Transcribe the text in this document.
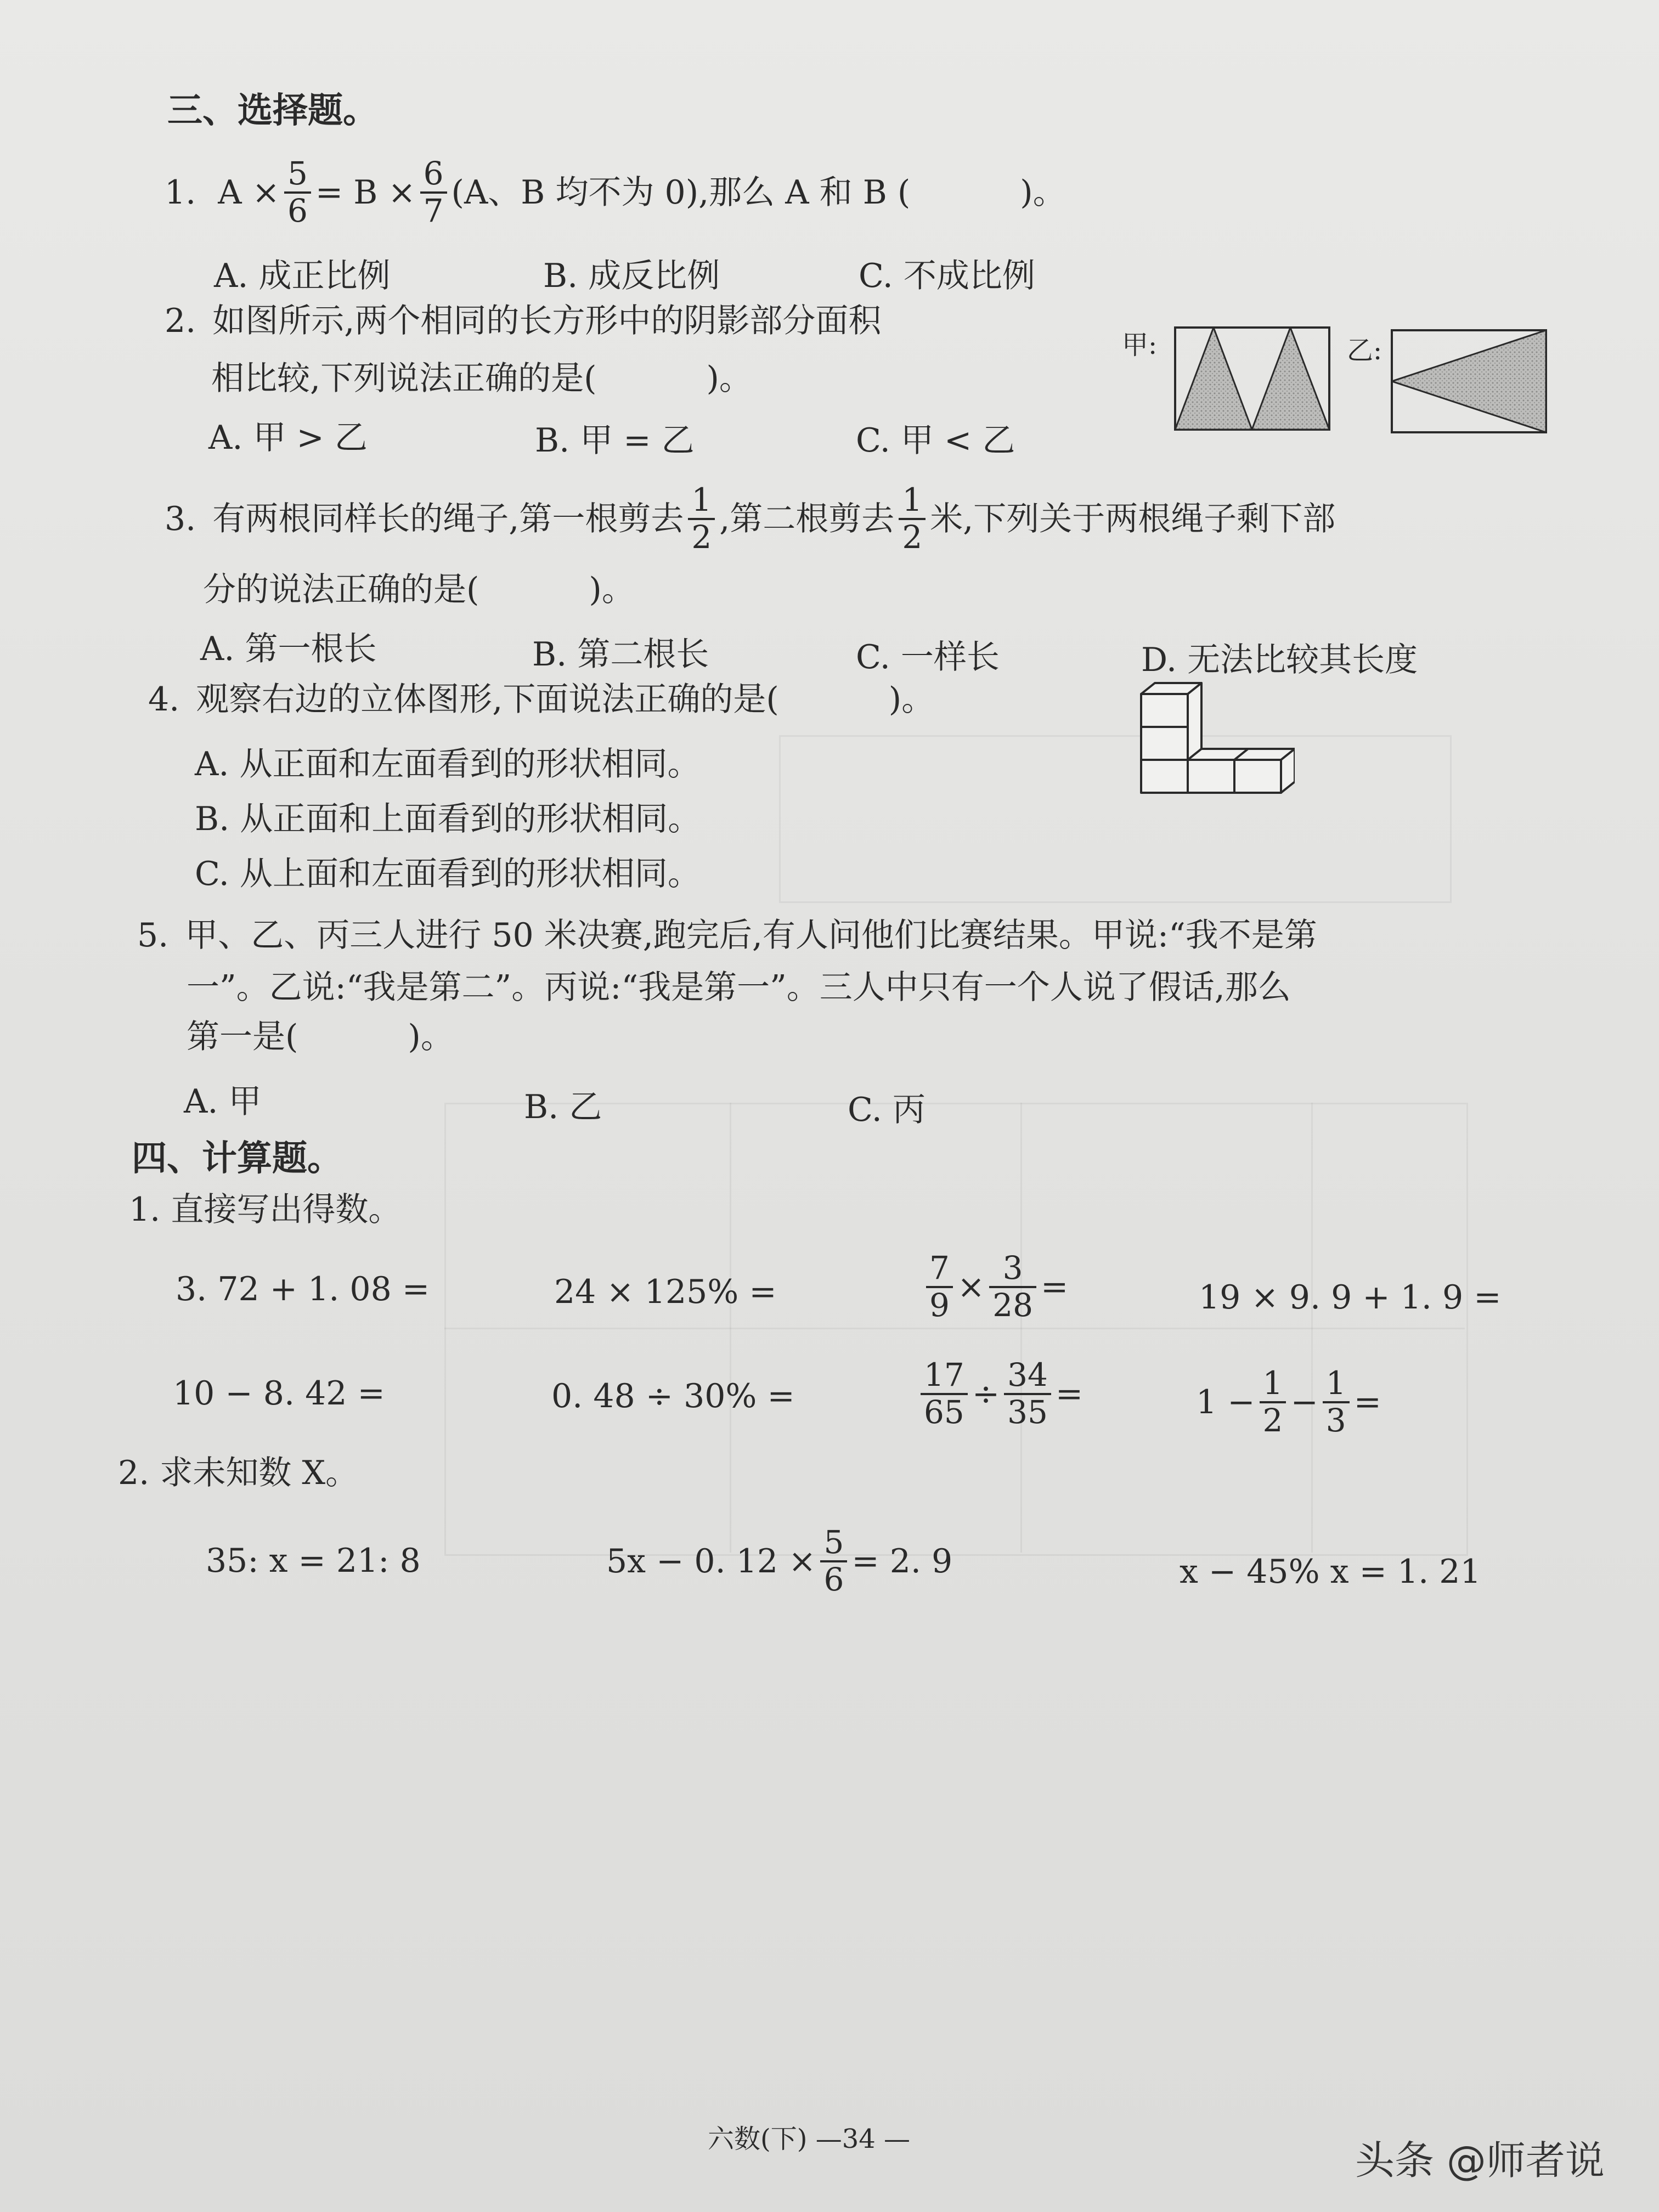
三、选择题。
1. $A \times \frac{5}{6} = B \times \frac{6}{7} (A$、B 均不为 0),那么 A 和 B (	)。
A. 成正比例	B. 成反比例	C. 不成比例
2. 如图所示,两个相同的长方形中的阴影部分面积
相比较,下列说法正确的是(	)。
A. 甲 > 乙	B. 甲 = 乙	C. 甲 < 乙
甲:	乙:
3. 有两根同样长的绳子,第一根剪去 $\frac{1}{2}$ ,第二根剪去 $\frac{1}{2}$ 米,下列关于两根绳子剩下部
分的说法正确的是(	)。
A. 第一根长	B. 第二根长	C. 一样长	D. 无法比较其长度
4. 观察右边的立体图形,下面说法正确的是(	)。
A. 从正面和左面看到的形状相同。
B. 从正面和上面看到的形状相同。
C. 从上面和左面看到的形状相同。
5. 甲、乙、丙三人进行 50 米决赛,跑完后,有人问他们比赛结果。甲说:“我不是第
一”。乙说:“我是第二”。丙说:“我是第一”。三人中只有一个人说了假话,那么
第一是(	)。
A. 甲	B. 乙	C. 丙
四、计算题。
1. 直接写出得数。
3. 72 + 1. 08 =	24 × 125% =	$\frac{7}{9} \times \frac{3}{28}$ =	19 × 9. 9 + 1. 9 =
10 − 8. 42 =	0. 48 ÷ 30% =	$\frac{17}{65} \div \frac{34}{35}$ =	$1 - \frac{1}{2} - \frac{1}{3}$ =
2. 求未知数 X。
35: x = 21: 8	5x − 0. $12 \times \frac{5}{6} = 2$. 9	x − 45% x = 1. 21
六数(下) —34 —	头条 @师者说
